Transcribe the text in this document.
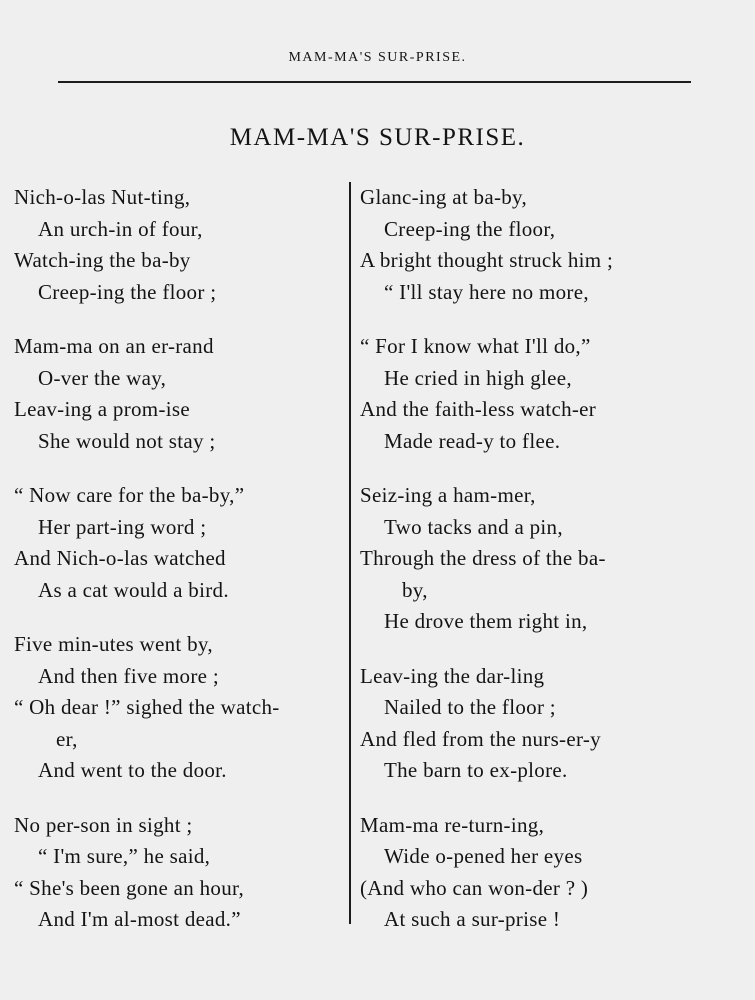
MAM-MA'S SUR-PRISE.
MAM-MA'S SUR-PRISE.
Nich-o-las Nut-ting,
An urch-in of four,
Watch-ing the ba-by
Creep-ing the floor ;
Mam-ma on an er-rand
O-ver the way,
Leav-ing a prom-ise
She would not stay ;
“ Now care for the ba-by,”
Her part-ing word ;
And Nich-o-las watched
As a cat would a bird.
Five min-utes went by,
And then five more ;
“ Oh dear !” sighed the watch-
er,
And went to the door.
No per-son in sight ;
“ I'm sure,” he said,
“ She's been gone an hour,
And I'm al-most dead.”
Glanc-ing at ba-by,
Creep-ing the floor,
A bright thought struck him ;
“ I'll stay here no more,
“ For I know what I'll do,”
He cried in high glee,
And the faith-less watch-er
Made read-y to flee.
Seiz-ing a ham-mer,
Two tacks and a pin,
Through the dress of the ba-
by,
He drove them right in,
Leav-ing the dar-ling
Nailed to the floor ;
And fled from the nurs-er-y
The barn to ex-plore.
Mam-ma re-turn-ing,
Wide o-pened her eyes
(And who can won-der ? )
At such a sur-prise !
